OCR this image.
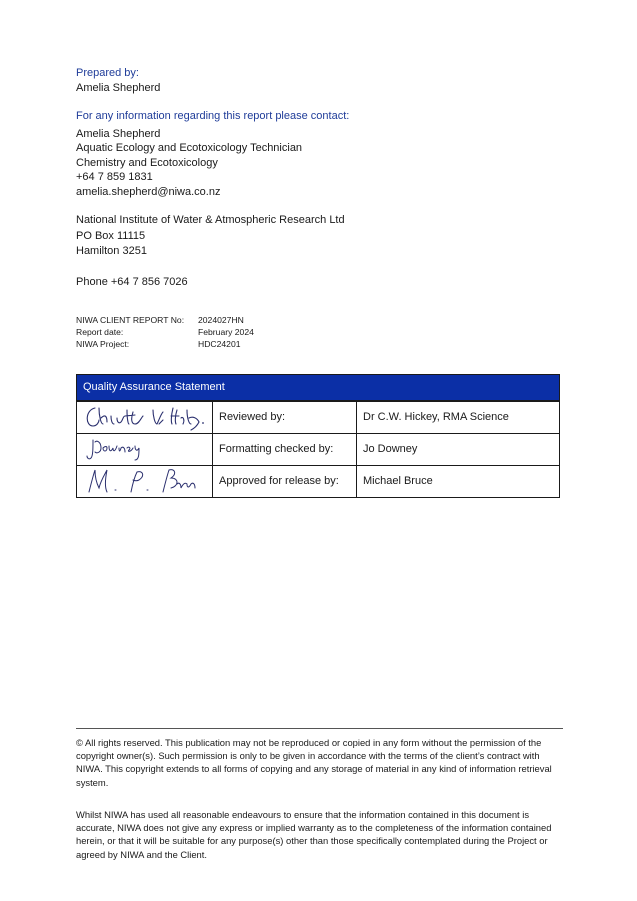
Prepared by:
Amelia Shepherd
For any information regarding this report please contact:
Amelia Shepherd
Aquatic Ecology and Ecotoxicology Technician
Chemistry and Ecotoxicology
+64 7 859 1831
amelia.shepherd@niwa.co.nz
National Institute of Water & Atmospheric Research Ltd
PO Box 11115
Hamilton 3251
Phone +64 7 856 7026
NIWA CLIENT REPORT No:	2024027HN
Report date:	February 2024
NIWA Project:	HDC24201
Quality Assurance Statement
Reviewed by:	Dr C.W. Hickey, RMA Science
Formatting checked by:	Jo Downey
Approved for release by:	Michael Bruce
© All rights reserved. This publication may not be reproduced or copied in any form without the permission of the copyright owner(s). Such permission is only to be given in accordance with the terms of the client’s contract with NIWA. This copyright extends to all forms of copying and any storage of material in any kind of information retrieval system.
Whilst NIWA has used all reasonable endeavours to ensure that the information contained in this document is accurate, NIWA does not give any express or implied warranty as to the completeness of the information contained herein, or that it will be suitable for any purpose(s) other than those specifically contemplated during the Project or agreed by NIWA and the Client.
